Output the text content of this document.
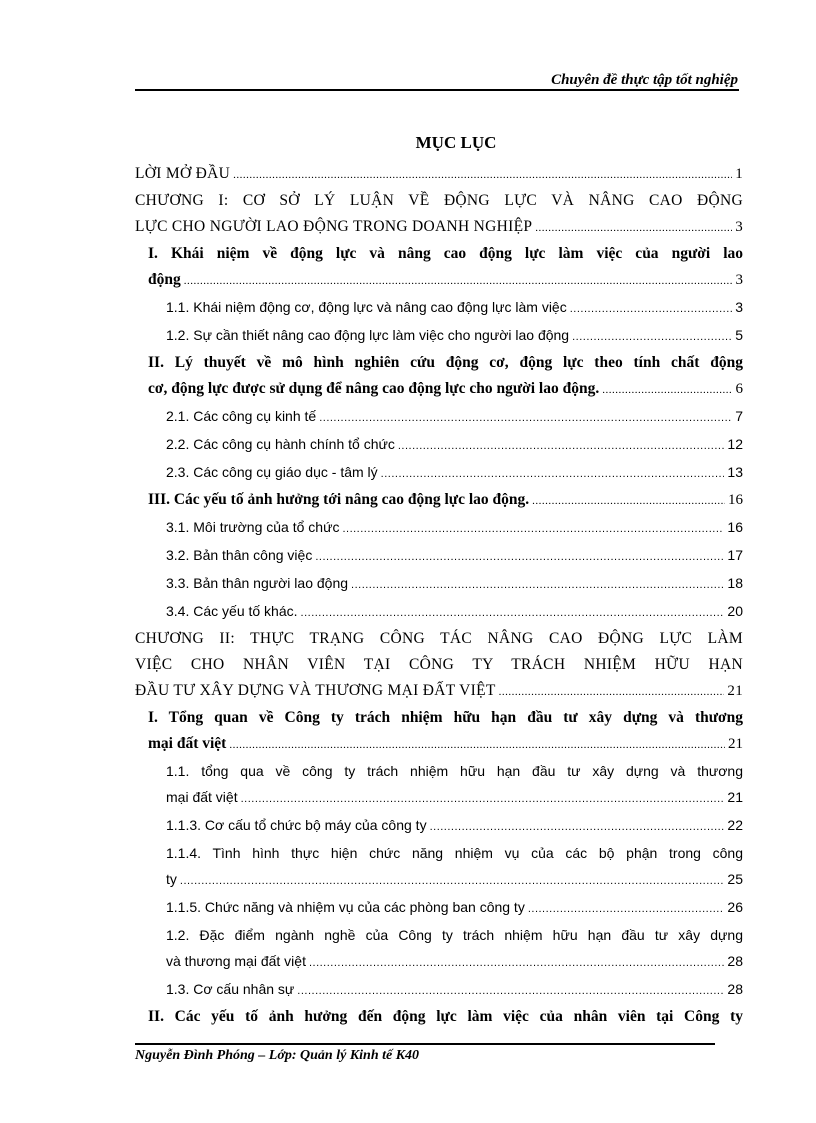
Chuyên đề thực tập tốt nghiệp
MỤC LỤC
LỜI MỞ ĐẦU .....	1
CHƯƠNG I: CƠ SỞ LÝ LUẬN VỀ ĐỘNG LỰC VÀ NÂNG CAO ĐỘNG
LỰC CHO NGƯỜI LAO ĐỘNG TRONG DOANH NGHIỆP .....	3
I. Khái niệm về động lực và nâng cao động lực làm việc của người lao
động .....	3
1.1. Khái niệm động cơ, động lực và nâng cao động lực làm việc .....	3
1.2. Sự cần thiết nâng cao động lực làm việc cho người lao động .....	5
II. Lý thuyết về mô hình nghiên cứu động cơ, động lực theo tính chất động
cơ, động lực được sử dụng để nâng cao động lực cho người lao động. .....	6
2.1. Các công cụ kinh tế .....	7
2.2. Các công cụ hành chính tổ chức .....	12
2.3. Các công cụ giáo dục - tâm lý .....	13
III. Các yếu tố ảnh hưởng tới nâng cao động lực lao động. .....	16
3.1. Môi trường của tổ chức .....	16
3.2. Bản thân công việc .....	17
3.3. Bản thân người lao động .....	18
3.4. Các yếu tố khác. .....	20
CHƯƠNG II: THỰC TRẠNG CÔNG TÁC NÂNG CAO ĐỘNG LỰC LÀM
VIỆC CHO NHÂN VIÊN TẠI CÔNG TY TRÁCH NHIỆM HỮU HẠN
ĐẦU TƯ XÂY DỰNG VÀ THƯƠNG MẠI ĐẤT VIỆT .....	21
I. Tổng quan về Công ty trách nhiệm hữu hạn đầu tư xây dựng và thương
mại đất việt .....	21
1.1. tổng qua về công ty trách nhiệm hữu hạn đầu tư xây dựng và thương
mại đất việt .....	21
1.1.3. Cơ cấu tổ chức bộ máy của công ty .....	22
1.1.4. Tình hình thực hiện chức năng nhiệm vụ của các bộ phận trong công
ty .....	25
1.1.5. Chức năng và nhiệm vụ của các phòng ban công ty .....	26
1.2. Đặc điểm ngành nghề của Công ty trách nhiệm hữu hạn đầu tư xây dựng
và thương mại đất việt .....	28
1.3. Cơ cấu nhân sự .....	28
II. Các yếu tố ảnh hưởng đến động lực làm việc của nhân viên tại Công ty
Nguyễn Đình Phóng – Lớp: Quản lý Kinh tế K40
